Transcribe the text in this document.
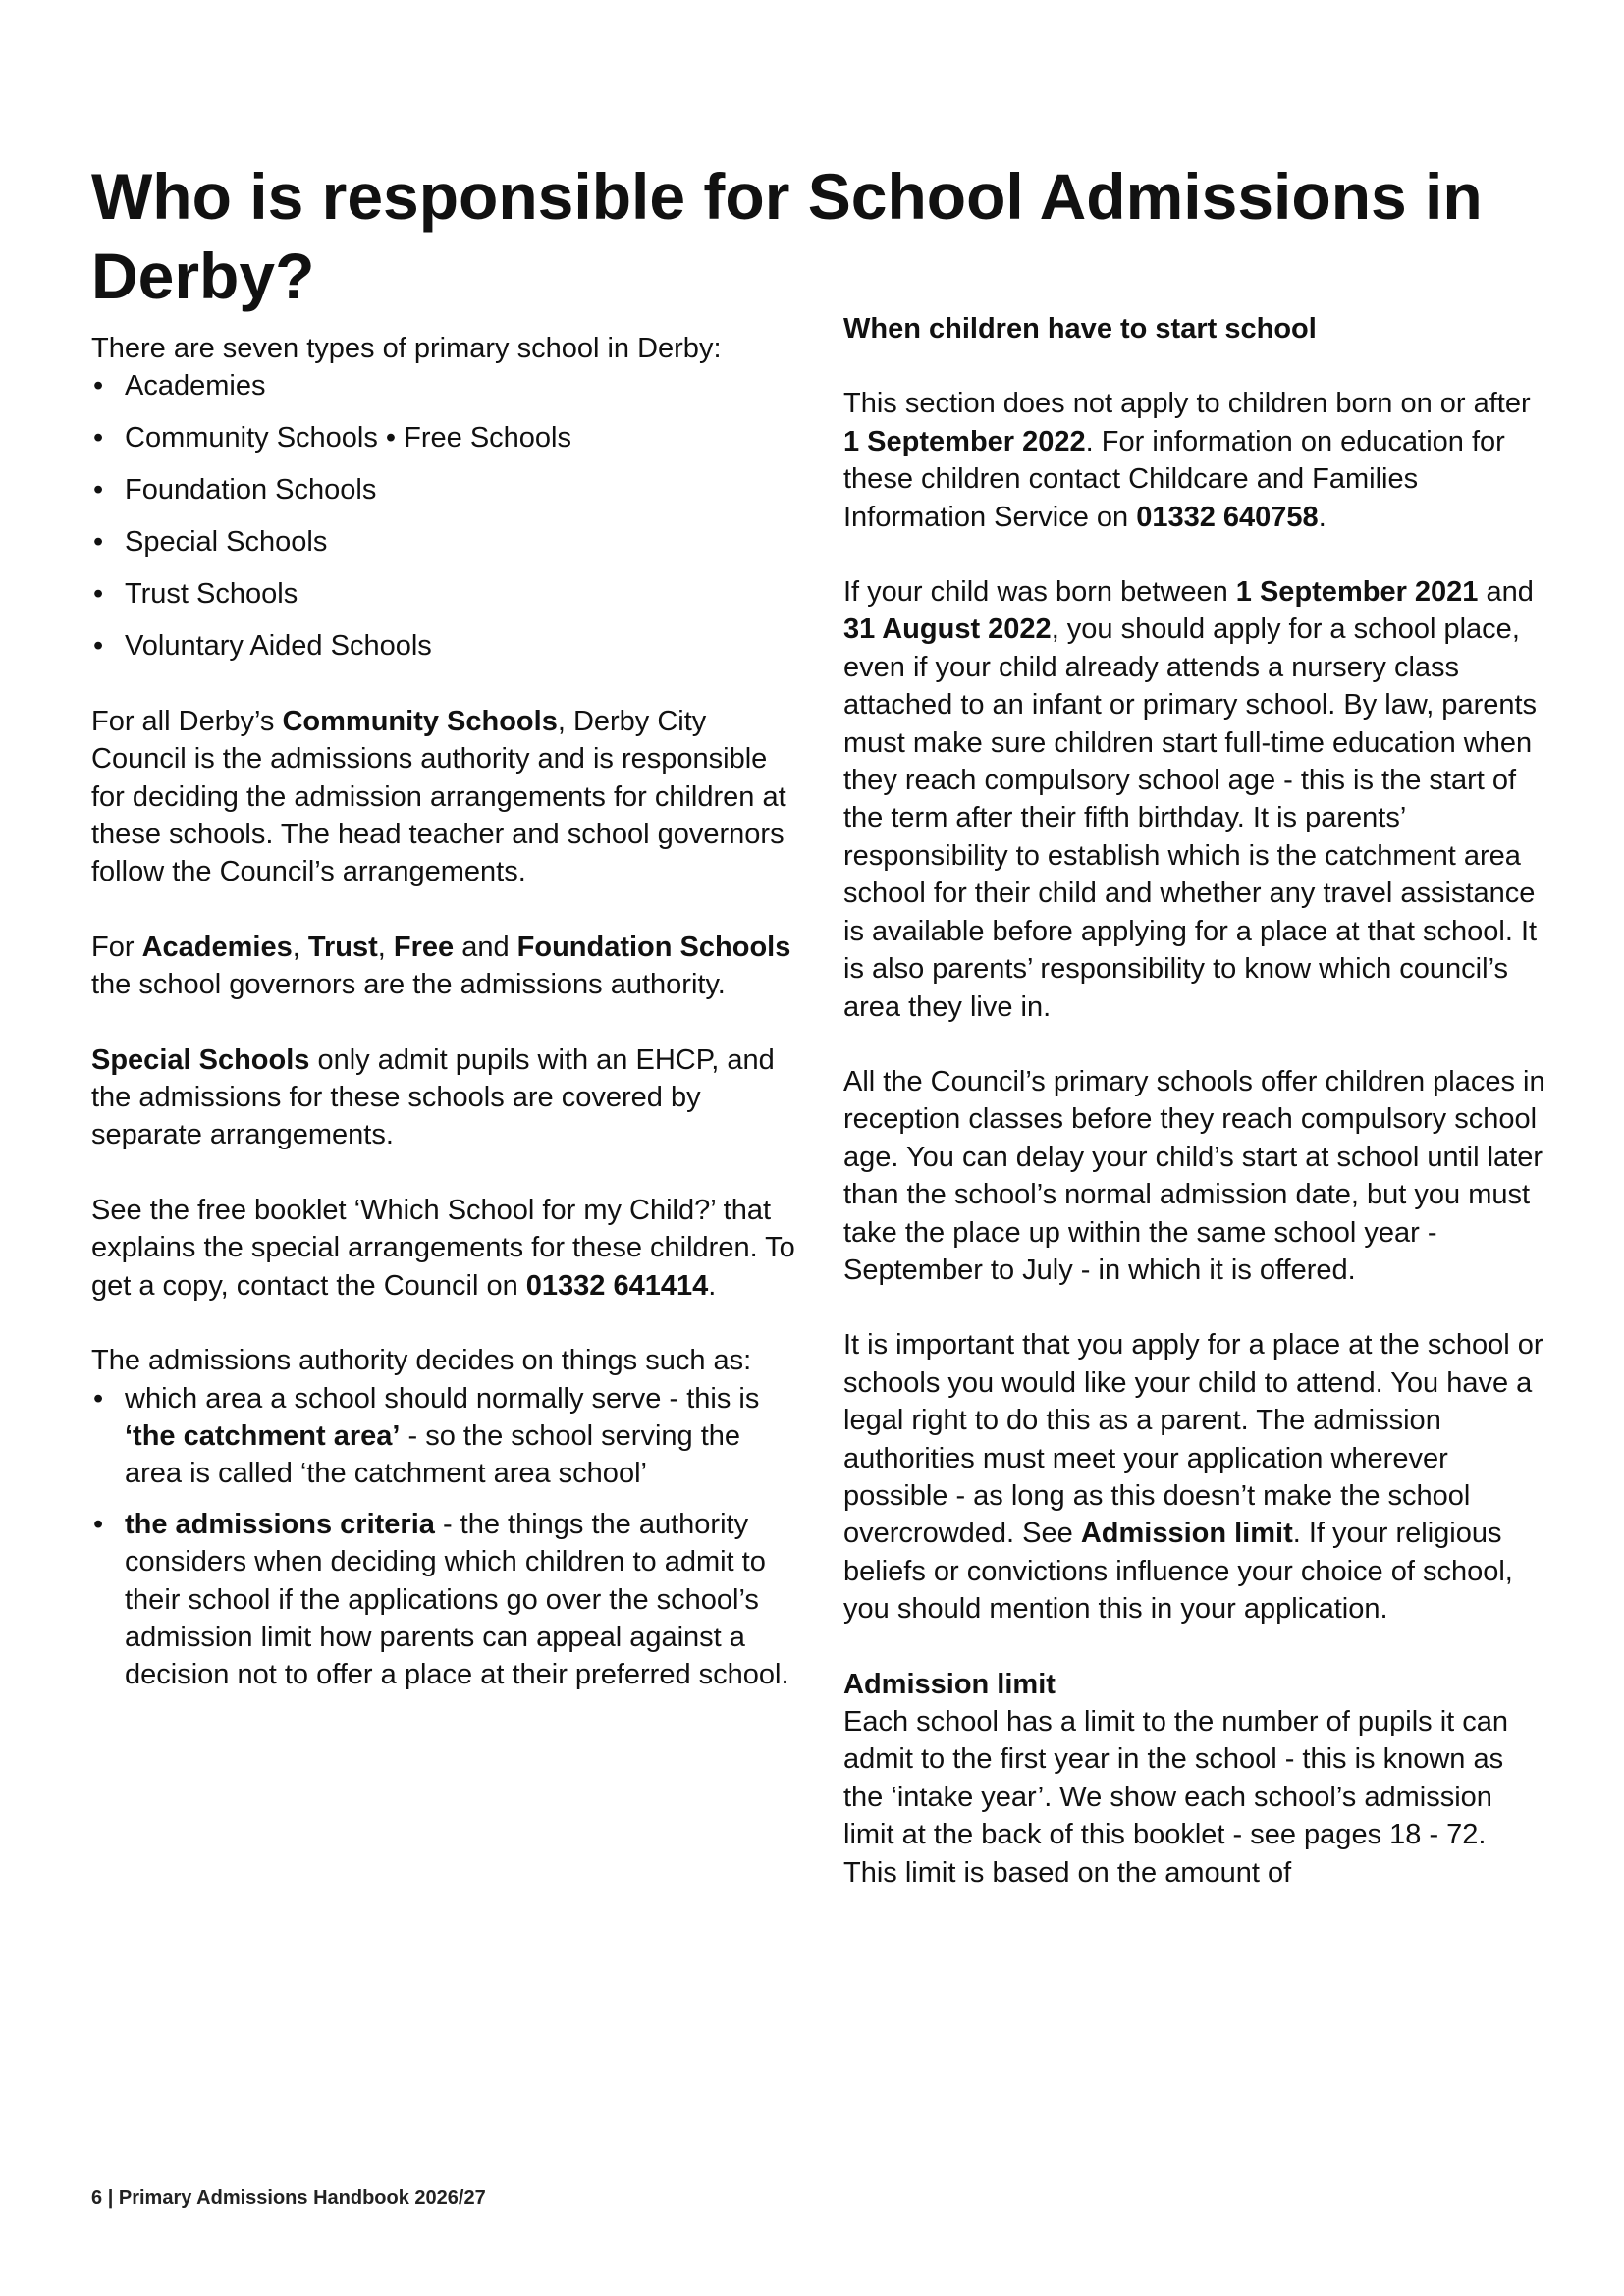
Who is responsible for School Admissions in Derby?

There are seven types of primary school in Derby:

• Academies
• Community Schools • Free Schools
• Foundation Schools
• Special Schools
• Trust Schools
• Voluntary Aided Schools

For all Derby’s Community Schools, Derby City Council is the admissions authority and is responsible for deciding the admission arrangements for children at these schools. The head teacher and school governors follow the Council’s arrangements.

For Academies, Trust, Free and Foundation Schools the school governors are the admissions authority.

Special Schools only admit pupils with an EHCP, and the admissions for these schools are covered by separate arrangements.

See the free booklet ‘Which School for my Child?’ that explains the special arrangements for these children. To get a copy, contact the Council on 01332 641414.

The admissions authority decides on things such as:

• which area a school should normally serve - this is ‘the catchment area’ - so the school serving the area is called ‘the catchment area school’
• the admissions criteria - the things the authority considers when deciding which children to admit to their school if the applications go over the school’s admission limit how parents can appeal against a decision not to offer a place at their preferred school.
When children have to start school

This section does not apply to children born on or after 1 September 2022. For information on education for these children contact Childcare and Families Information Service on 01332 640758.

If your child was born between 1 September 2021 and 31 August 2022, you should apply for a school place, even if your child already attends a nursery class attached to an infant or primary school. By law, parents must make sure children start full-time education when they reach compulsory school age - this is the start of the term after their fifth birthday. It is parents’ responsibility to establish which is the catchment area school for their child and whether any travel assistance is available before applying for a place at that school. It is also parents’ responsibility to know which council’s area they live in.

All the Council’s primary schools offer children places in reception classes before they reach compulsory school age. You can delay your child’s start at school until later than the school’s normal admission date, but you must take the place up within the same school year - September to July - in which it is offered.

It is important that you apply for a place at the school or schools you would like your child to attend. You have a legal right to do this as a parent. The admission authorities must meet your application wherever possible - as long as this doesn’t make the school overcrowded. See Admission limit. If your religious beliefs or convictions influence your choice of school, you should mention this in your application.

Admission limit

Each school has a limit to the number of pupils it can admit to the first year in the school - this is known as the ‘intake year’. We show each school’s admission limit at the back of this booklet - see pages 18 - 72. This limit is based on the amount of

6 | Primary Admissions Handbook 2026/27
